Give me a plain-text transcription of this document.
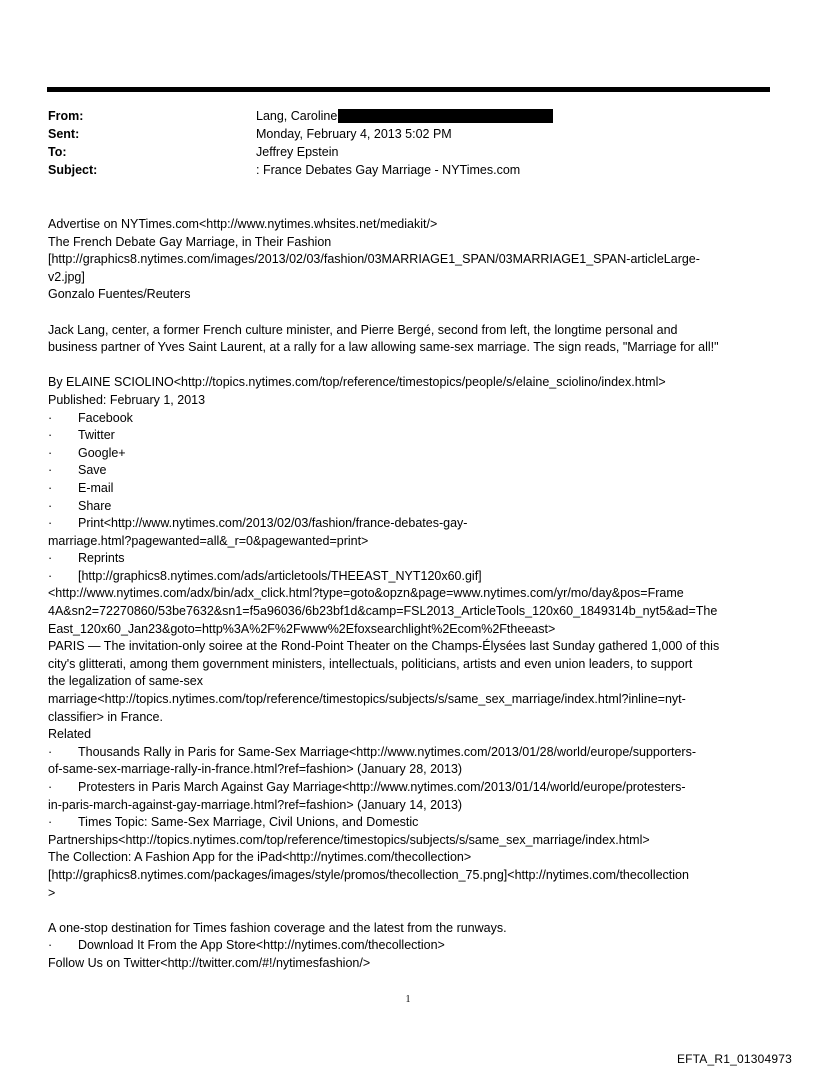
From:	Lang, Caroline
Sent:	Monday, February 4, 2013 5:02 PM
To:	Jeffrey Epstein
Subject:	: France Debates Gay Marriage - NYTimes.com
Advertise on NYTimes.com<http://www.nytimes.whsites.net/mediakit/>
The French Debate Gay Marriage, in Their Fashion
[http://graphics8.nytimes.com/images/2013/02/03/fashion/03MARRIAGE1_SPAN/03MARRIAGE1_SPAN-articleLarge-
v2.jpg]
Gonzalo Fuentes/Reuters
Jack Lang, center, a former French culture minister, and Pierre Bergé, second from left, the longtime personal and
business partner of Yves Saint Laurent, at a rally for a law allowing same-sex marriage. The sign reads, "Marriage for all!"
By ELAINE SCIOLINO<http://topics.nytimes.com/top/reference/timestopics/people/s/elaine_sciolino/index.html>
Published: February 1, 2013
·	Facebook
·	Twitter
·	Google+
·	Save
·	E-mail
·	Share
·	Print<http://www.nytimes.com/2013/02/03/fashion/france-debates-gay-
marriage.html?pagewanted=all&_r=0&pagewanted=print>
·	Reprints
·	[http://graphics8.nytimes.com/ads/articletools/THEEAST_NYT120x60.gif]
<http://www.nytimes.com/adx/bin/adx_click.html?type=goto&opzn&page=www.nytimes.com/yr/mo/day&pos=Frame
4A&sn2=72270860/53be7632&sn1=f5a96036/6b23bf1d&camp=FSL2013_ArticleTools_120x60_1849314b_nyt5&ad=The
East_120x60_Jan23&goto=http%3A%2F%2Fwww%2Efoxsearchlight%2Ecom%2Ftheeast>
PARIS — The invitation-only soiree at the Rond-Point Theater on the Champs-Élysées last Sunday gathered 1,000 of this
city's glitterati, among them government ministers, intellectuals, politicians, artists and even union leaders, to support
the legalization of same-sex
marriage<http://topics.nytimes.com/top/reference/timestopics/subjects/s/same_sex_marriage/index.html?inline=nyt-
classifier> in France.
Related
·	Thousands Rally in Paris for Same-Sex Marriage<http://www.nytimes.com/2013/01/28/world/europe/supporters-
of-same-sex-marriage-rally-in-france.html?ref=fashion> (January 28, 2013)
·	Protesters in Paris March Against Gay Marriage<http://www.nytimes.com/2013/01/14/world/europe/protesters-
in-paris-march-against-gay-marriage.html?ref=fashion> (January 14, 2013)
·	Times Topic: Same-Sex Marriage, Civil Unions, and Domestic
Partnerships<http://topics.nytimes.com/top/reference/timestopics/subjects/s/same_sex_marriage/index.html>
The Collection: A Fashion App for the iPad<http://nytimes.com/thecollection>
[http://graphics8.nytimes.com/packages/images/style/promos/thecollection_75.png]<http://nytimes.com/thecollection
>
A one-stop destination for Times fashion coverage and the latest from the runways.
·	Download It From the App Store<http://nytimes.com/thecollection>
Follow Us on Twitter<http://twitter.com/#!/nytimesfashion/>
1
EFTA_R1_01304973
